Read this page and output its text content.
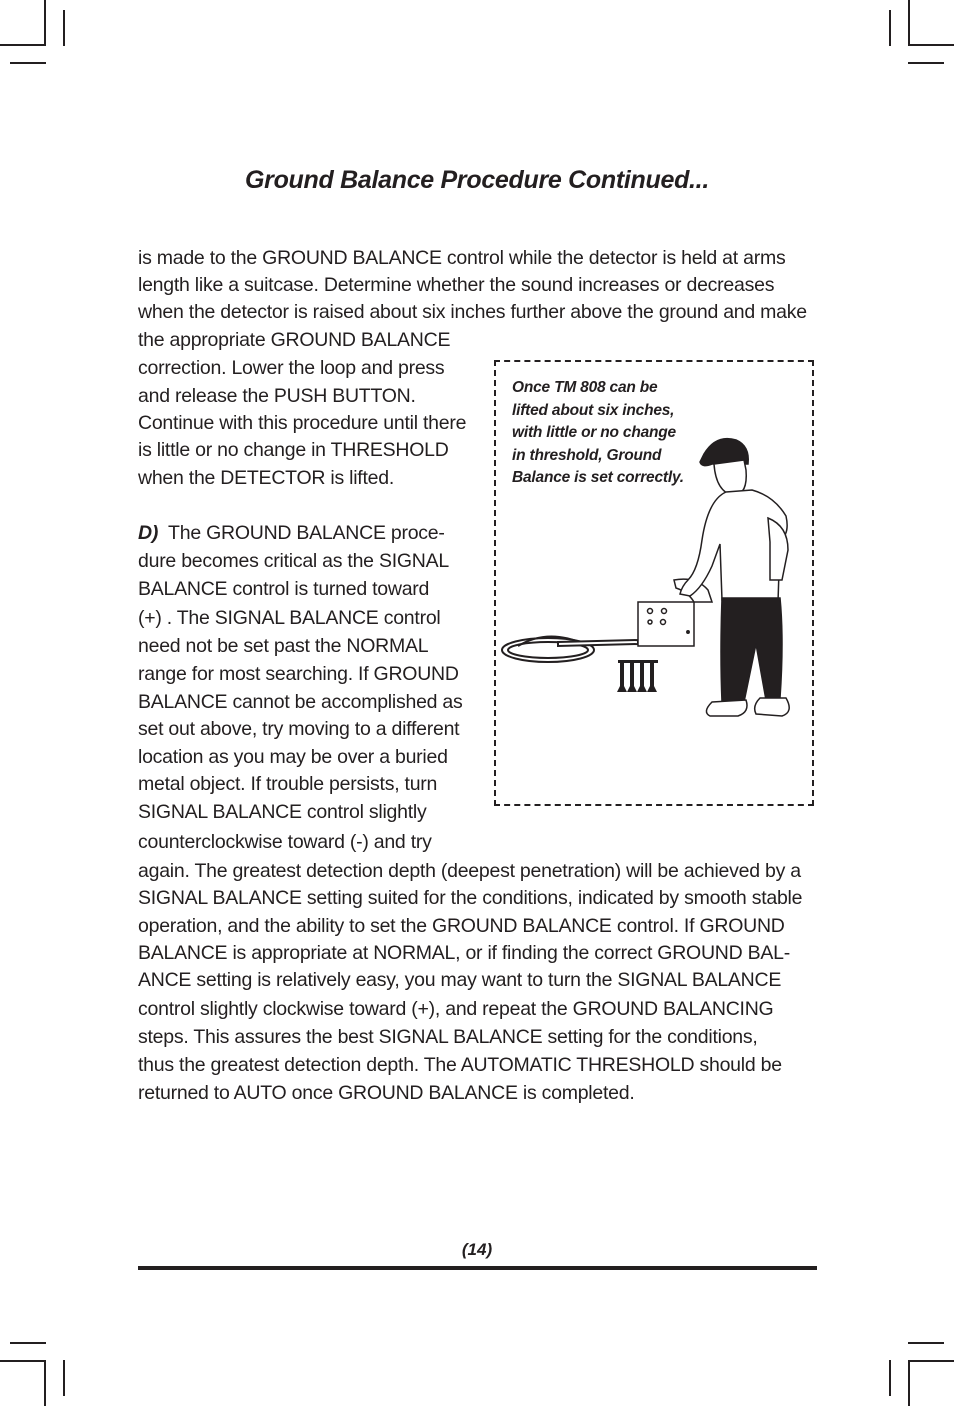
Ground Balance Procedure Continued...
is made to the GROUND BALANCE control while the detector is held at arms
length like a suitcase. Determine whether the sound increases or decreases
when the detector is raised about six inches further above the ground and make
the appropriate GROUND BALANCE
correction. Lower the loop and press
and release the PUSH BUTTON.
Continue with this procedure until there
is little or no change in THRESHOLD
when the DETECTOR is lifted.
D)  The GROUND BALANCE proce-
dure becomes critical as the SIGNAL
BALANCE control is turned toward
(+) . The SIGNAL BALANCE control
need not be set past the NORMAL
range for most searching. If GROUND
BALANCE cannot be accomplished as
set out above, try moving to a different
location as you may be over a buried
metal object. If trouble persists, turn
SIGNAL BALANCE control slightly
counterclockwise toward (-) and try
again. The greatest detection depth (deepest penetration) will be achieved by a
SIGNAL BALANCE setting suited for the conditions, indicated by smooth stable
operation, and the ability to set the GROUND BALANCE control. If GROUND
BALANCE is appropriate at NORMAL, or if finding the correct GROUND BAL-
ANCE setting is relatively easy, you may want to turn the SIGNAL BALANCE
control slightly clockwise toward (+), and repeat the GROUND BALANCING
steps. This assures the best SIGNAL BALANCE setting for the conditions,
thus the greatest detection depth. The AUTOMATIC THRESHOLD should be
returned to AUTO once GROUND BALANCE is completed.
Once TM 808 can be
lifted about six inches,
with little or no change
in threshold, Ground
Balance is set correctly.
(14)
